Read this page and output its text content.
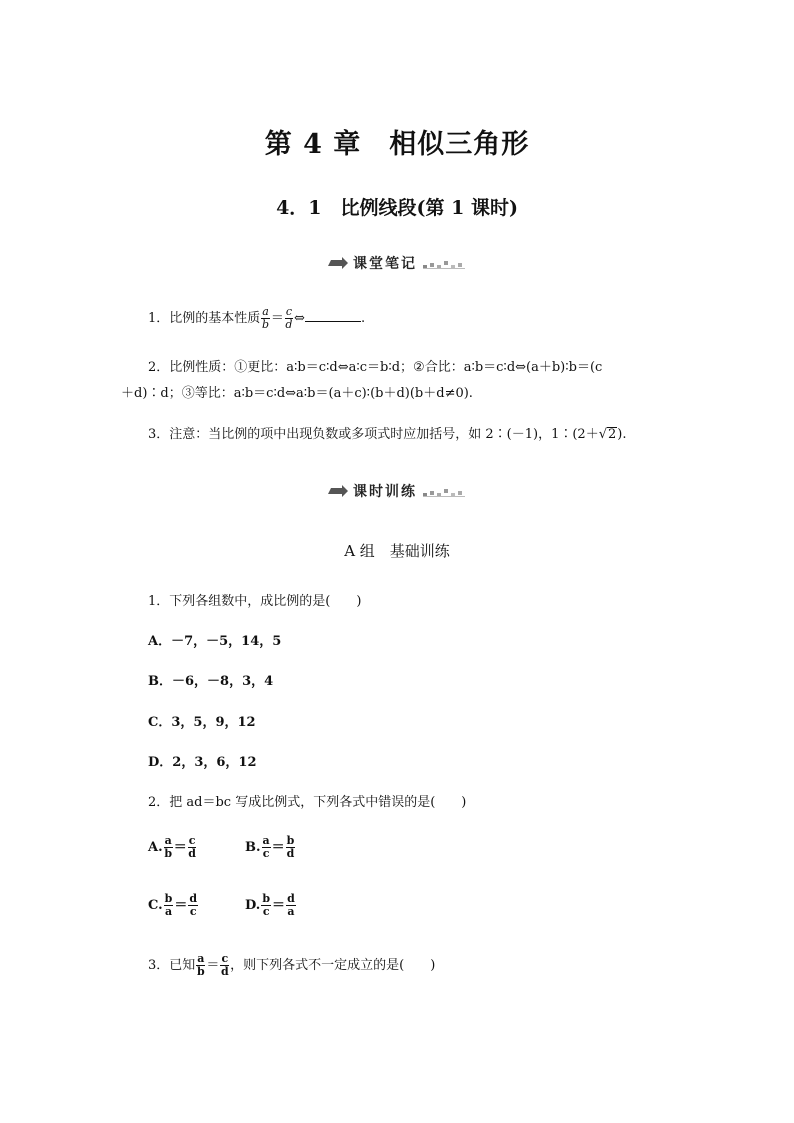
第 4 章　相似三角形
4．1　比例线段(第 1 课时)
课堂笔记
1．比例的基本性质 $\frac{a}{b} = \frac{c}{d}$ ⇔	.
2．比例性质：①更比：a∶b＝c∶d⇔a∶c＝b∶d；②合比：a∶b＝c∶d⇔(a＋b)∶b＝(c
＋d)∶d；③等比：a∶b＝c∶d⇔a∶b＝(a＋c)∶(b＋d)(b＋d≠0).
3．注意：当比例的项中出现负数或多项式时应加括号，如 2∶(－1)，1∶(2＋√2).
课时训练
A 组　基础训练
1．下列各组数中，成比例的是(　　)
A．－7，－5，14，5
B．－6，－8，3，4
C．3，5，9，12
D．2，3，6，12
2．把 ad＝bc 写成比例式，下列各式中错误的是(　　)
A. $\frac{a}{b} = \frac{c}{d}$	B. $\frac{a}{c} = \frac{b}{d}$
C. $\frac{b}{a} = \frac{d}{c}$	D. $\frac{b}{c} = \frac{d}{a}$
3．已知 $\frac{a}{b} = \frac{c}{d}$ ，则下列各式不一定成立的是(　　)
